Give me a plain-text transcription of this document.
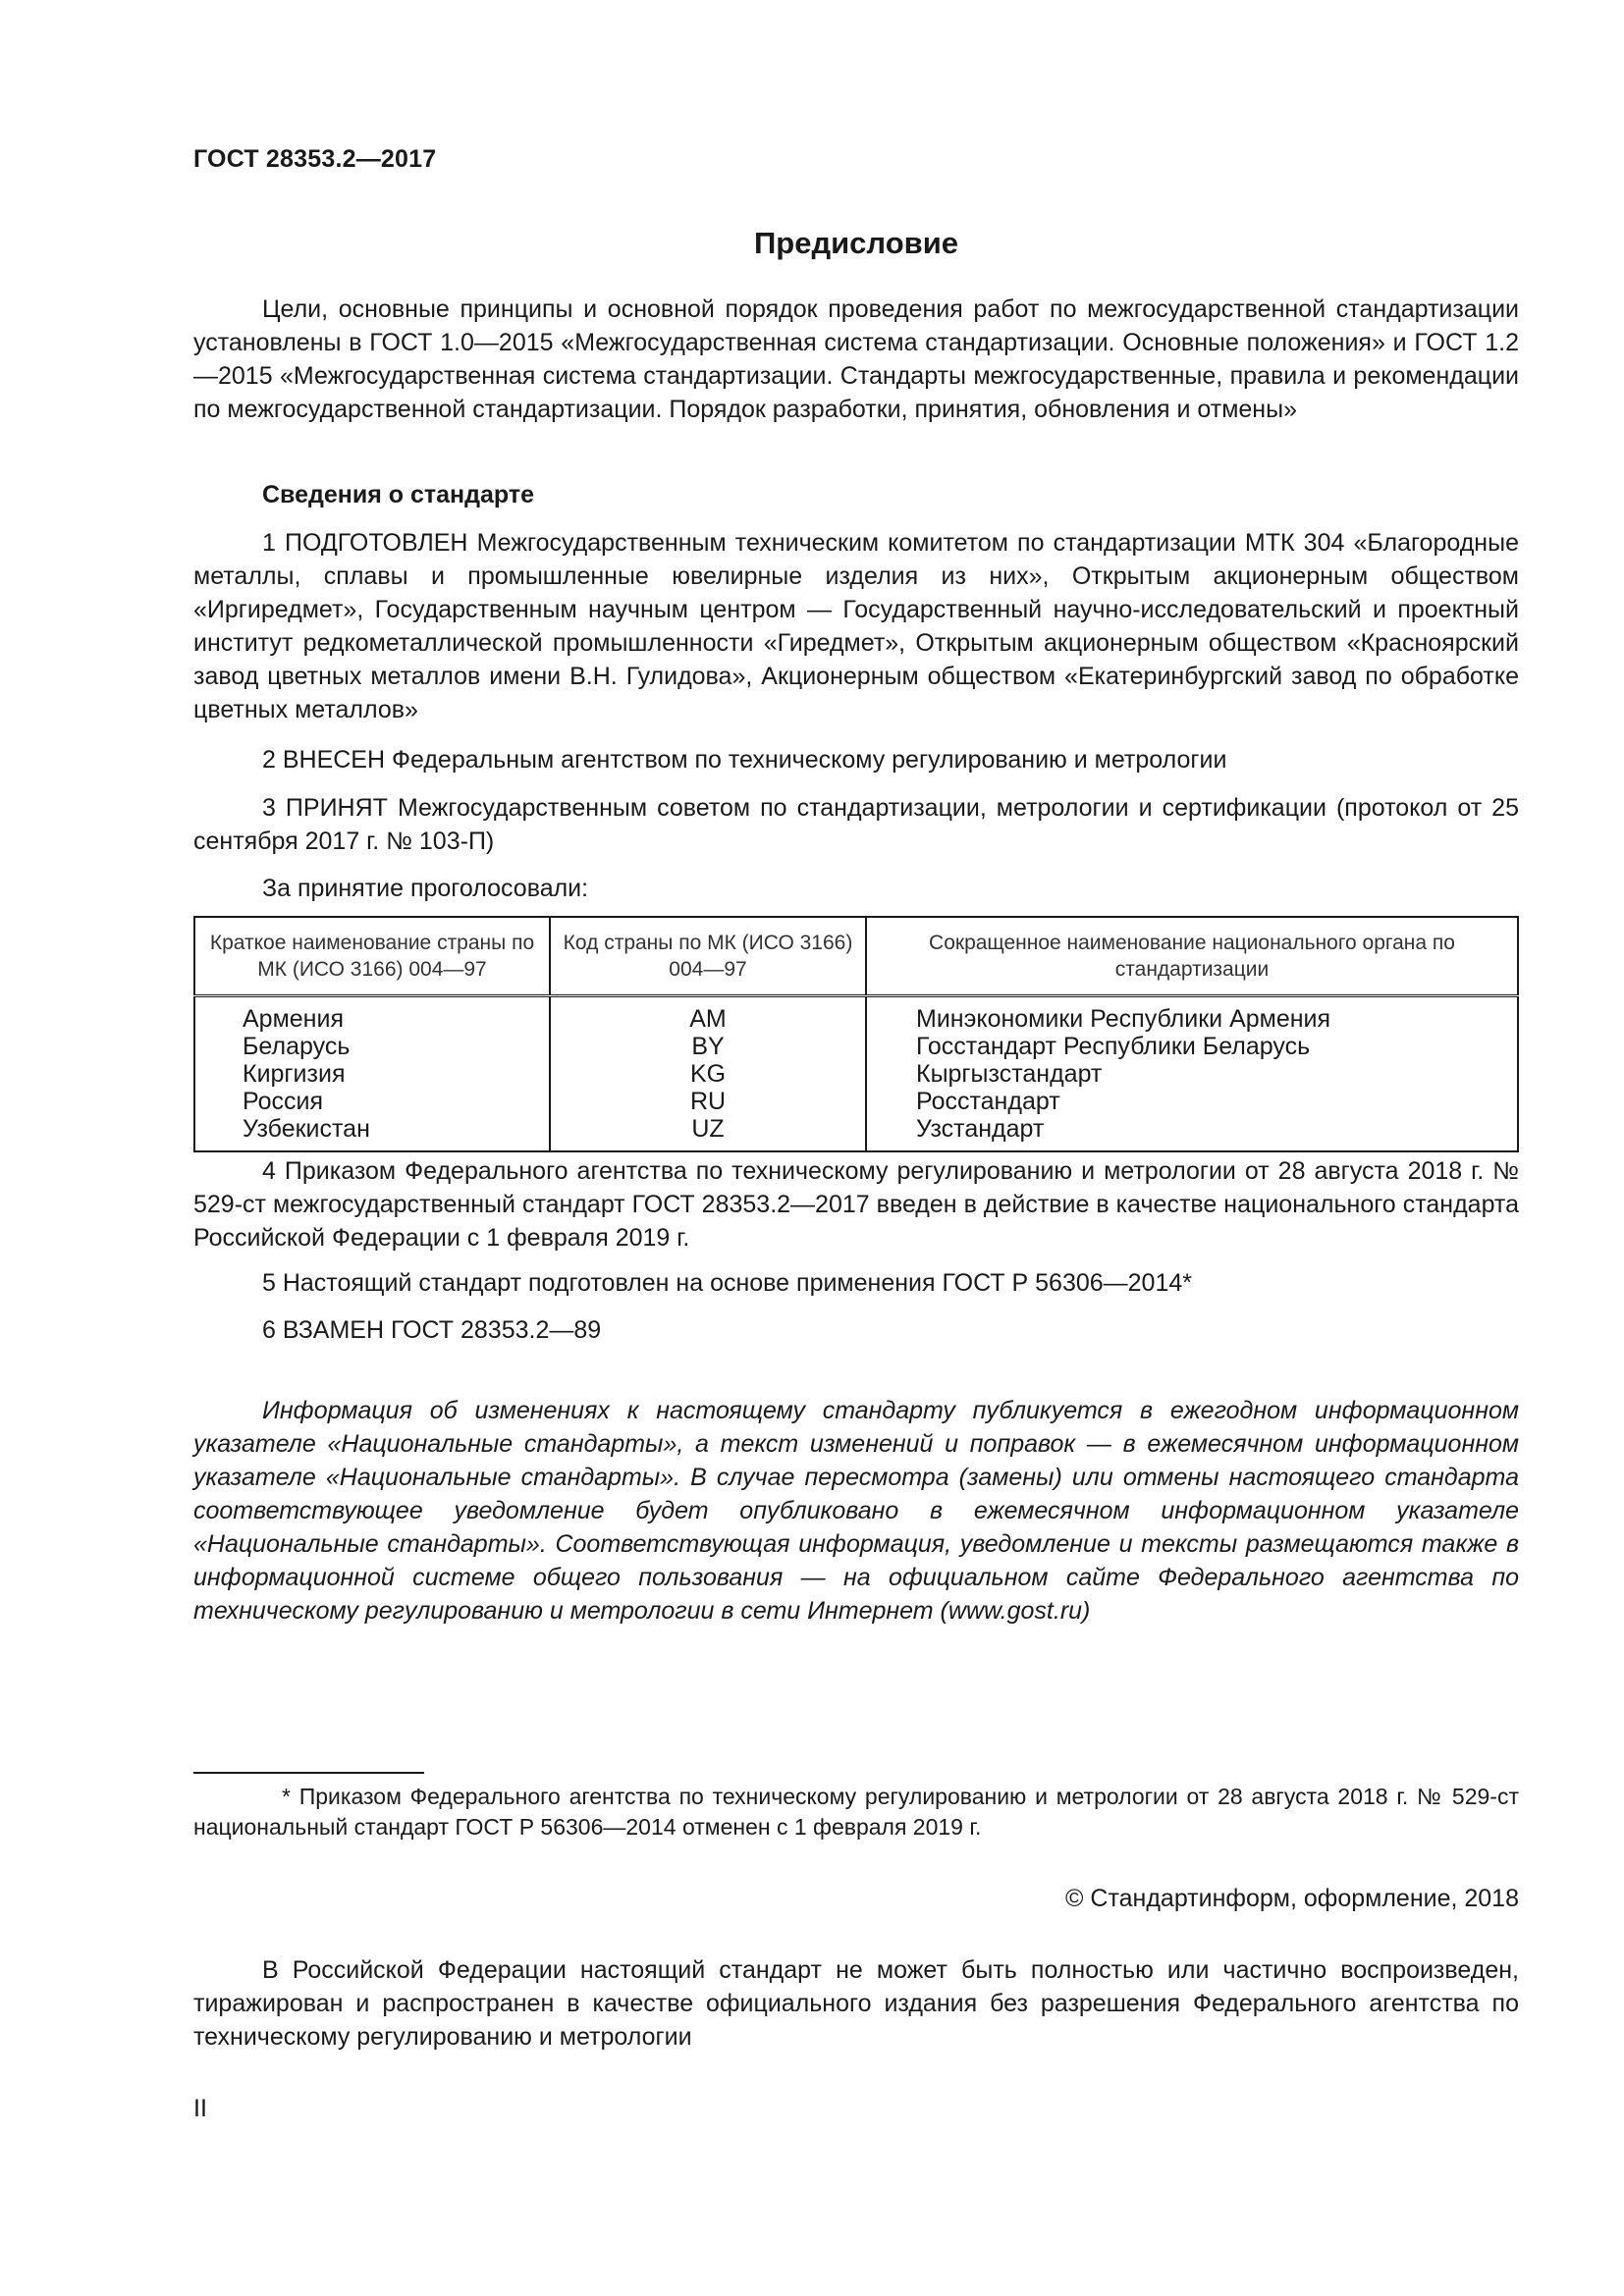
ГОСТ 28353.2—2017
Предисловие

Цели, основные принципы и основной порядок проведения работ по межгосударственной стандартизации установлены в ГОСТ 1.0—2015 «Межгосударственная система стандартизации. Основные положения» и ГОСТ 1.2—2015 «Межгосударственная система стандартизации. Стандарты межгосударственные, правила и рекомендации по межгосударственной стандартизации. Порядок разработки, принятия, обновления и отмены»

Сведения о стандарте

1 ПОДГОТОВЛЕН Межгосударственным техническим комитетом по стандартизации МТК 304 «Благородные металлы, сплавы и промышленные ювелирные изделия из них», Открытым акционерным обществом «Иргиредмет», Государственным научным центром — Государственный научно-исследовательский и проектный институт редкометаллической промышленности «Гиредмет», Открытым акционерным обществом «Красноярский завод цветных металлов имени В.Н. Гулидова», Акционерным обществом «Екатеринбургский завод по обработке цветных металлов»

2 ВНЕСЕН Федеральным агентством по техническому регулированию и метрологии

3 ПРИНЯТ Межгосударственным советом по стандартизации, метрологии и сертификации (протокол от 25 сентября 2017 г. № 103-П)

За принятие проголосовали:

Краткое наименование страны по МК (ИСО 3166) 004—97	Код страны по МК (ИСО 3166) 004—97	Сокращенное наименование национального органа по стандартизации
Армения	AM	Минэкономики Республики Армения
Беларусь	BY	Госстандарт Республики Беларусь
Киргизия	KG	Кыргызстандарт
Россия	RU	Росстандарт
Узбекистан	UZ	Узстандарт

4 Приказом Федерального агентства по техническому регулированию и метрологии от 28 августа 2018 г. № 529-ст межгосударственный стандарт ГОСТ 28353.2—2017 введен в действие в качестве национального стандарта Российской Федерации с 1 февраля 2019 г.

5 Настоящий стандарт подготовлен на основе применения ГОСТ Р 56306—2014*

6 ВЗАМЕН ГОСТ 28353.2—89

Информация об изменениях к настоящему стандарту публикуется в ежегодном информационном указателе «Национальные стандарты», а текст изменений и поправок — в ежемесячном информационном указателе «Национальные стандарты». В случае пересмотра (замены) или отмены настоящего стандарта соответствующее уведомление будет опубликовано в ежемесячном информационном указателе «Национальные стандарты». Соответствующая информация, уведомление и тексты размещаются также в информационной системе общего пользования — на официальном сайте Федерального агентства по техническому регулированию и метрологии в сети Интернет (www.gost.ru)

* Приказом Федерального агентства по техническому регулированию и метрологии от 28 августа 2018 г. № 529-ст национальный стандарт ГОСТ Р 56306—2014 отменен с 1 февраля 2019 г.

© Стандартинформ, оформление, 2018

В Российской Федерации настоящий стандарт не может быть полностью или частично воспроизведен, тиражирован и распространен в качестве официального издания без разрешения Федерального агентства по техническому регулированию и метрологии

II
